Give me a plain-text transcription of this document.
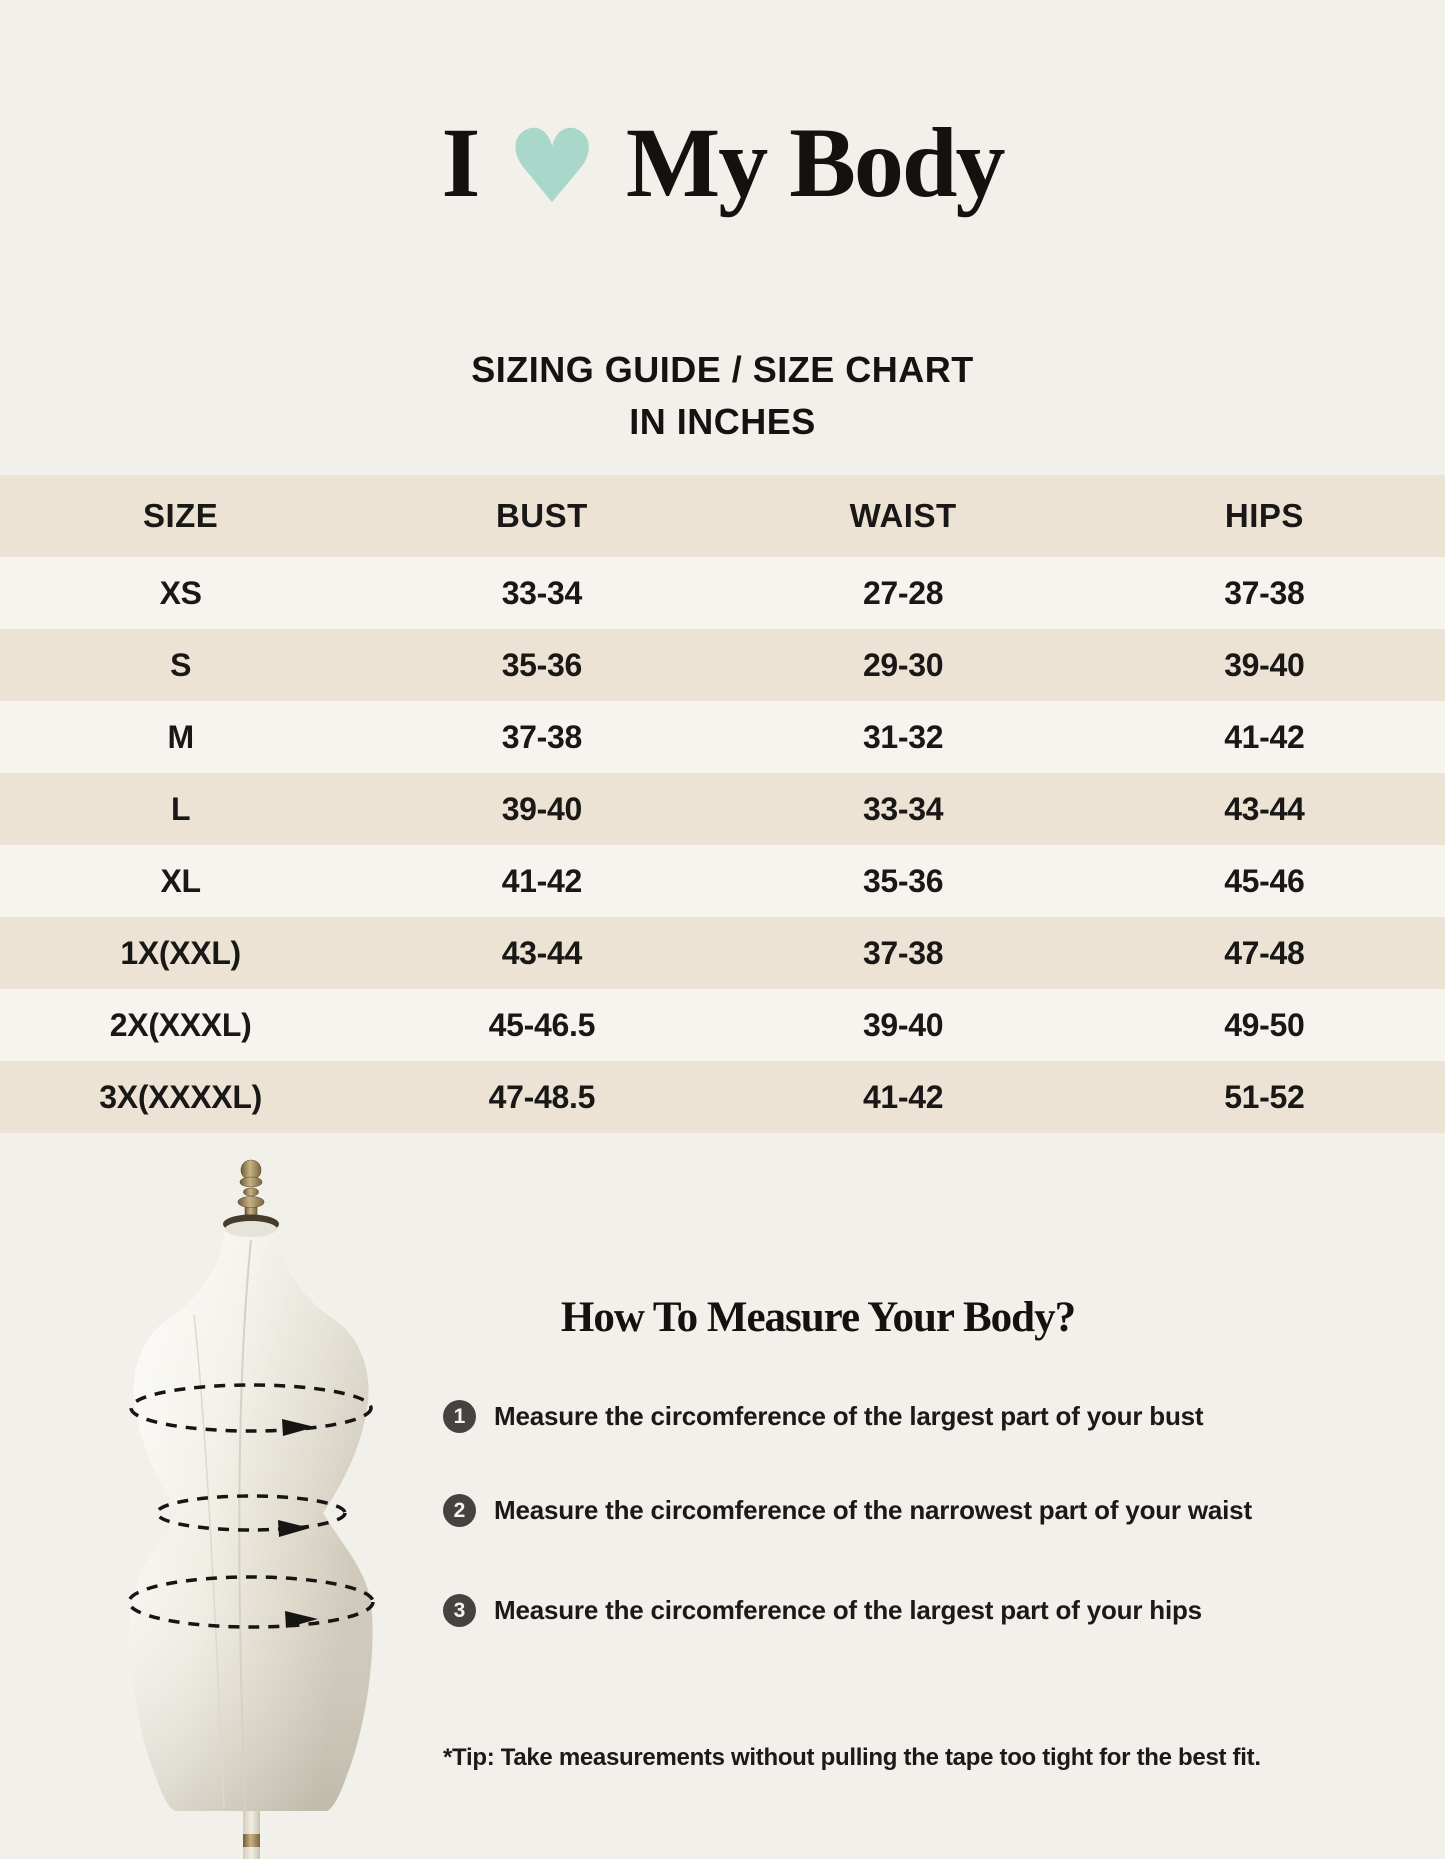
I ♥ My Body
SIZING GUIDE / SIZE CHART
IN INCHES
SIZE	BUST	WAIST	HIPS
XS	33-34	27-28	37-38
S	35-36	29-30	39-40
M	37-38	31-32	41-42
L	39-40	33-34	43-44
XL	41-42	35-36	45-46
1X(XXL)	43-44	37-38	47-48
2X(XXXL)	45-46.5	39-40	49-50
3X(XXXXL)	47-48.5	41-42	51-52
How To Measure Your Body?
1	Measure the circomference of the largest part of your bust
2	Measure the circomference of the narrowest part of your waist
3	Measure the circomference of the largest part of your hips
*Tip: Take measurements without pulling the tape too tight for the best fit.
